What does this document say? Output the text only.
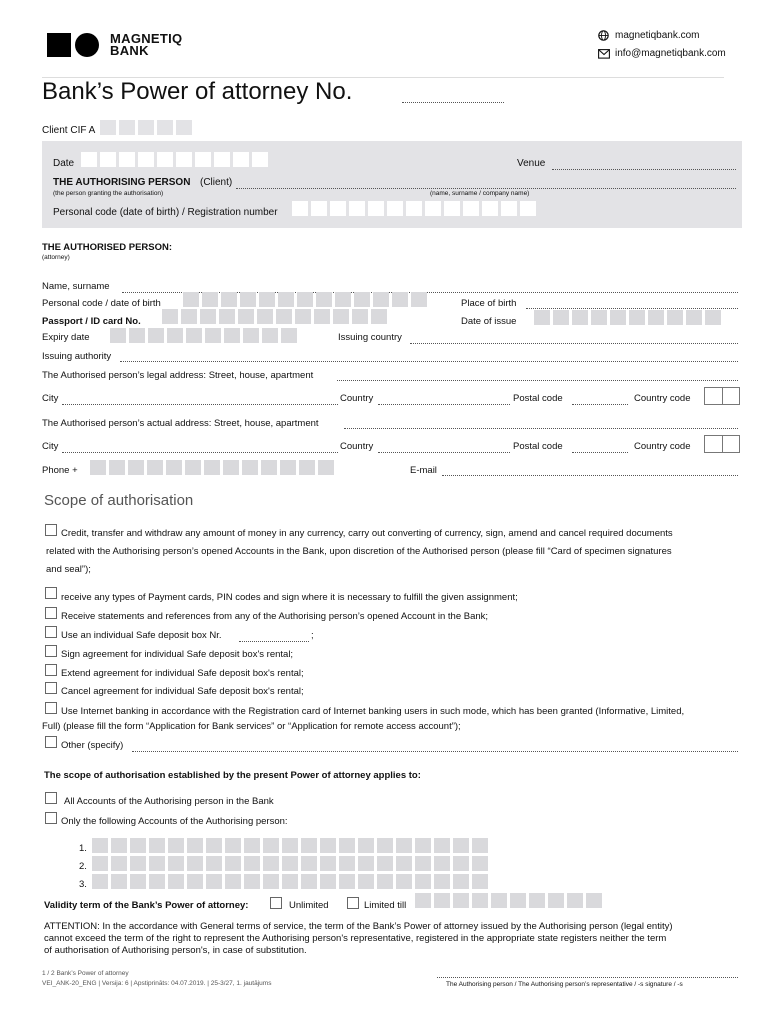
MAGNETIQ
BANK
magnetiqbank.com
info@magnetiqbank.com
Bank’s Power of attorney No.
Client CIF A
Date	Venue
THE AUTHORISING PERSON (Client)
(the person granting the authorisation)	(name, surname / company name)
Personal code (date of birth) / Registration number
THE AUTHORISED PERSON:
(attorney)
Name, surname
Personal code / date of birth	Place of birth
Passport / ID card No.	Date of issue
Expiry date	Issuing country
Issuing authority
The Authorised person’s legal address: Street, house, apartment
City	Country	Postal code	Country code
The Authorised person’s actual address: Street, house, apartment
City	Country	Postal code	Country code
Phone +	E-mail
Scope of authorisation
Credit, transfer and withdraw any amount of money in any currency, carry out converting of currency, sign, amend and cancel required documents
related with the Authorising person’s opened Accounts in the Bank, upon discretion of the Authorised person (please fill “Card of specimen signatures
and seal”);
receive any types of Payment cards, PIN codes and sign where it is necessary to fulfill the given assignment;
Receive statements and references from any of the Authorising person’s opened Account in the Bank;
Use an individual Safe deposit box Nr.	;
Sign agreement for individual Safe deposit box's rental;
Extend agreement for individual Safe deposit box's rental;
Cancel agreement for individual Safe deposit box's rental;
Use Internet banking in accordance with the Registration card of Internet banking users in such mode, which has been granted (Informative, Limited,
Full) (please fill the form “Application for Bank services” or “Application for remote access account”);
Other (specify)
The scope of authorisation established by the present Power of attorney applies to:
All Accounts of the Authorising person in the Bank
Only the following Accounts of the Authorising person:
1.
2.
3.
Validity term of the Bank’s Power of attorney:	Unlimited	Limited till
ATTENTION: In the accordance with General terms of service, the term of the Bank’s Power of attorney issued by the Authorising person (legal entity)
cannot exceed the term of the right to represent the Authorising person's representative, registered in the appropriate state registers neither the term
of authorisation of Authorising person's, in case of substitution.
1 / 2 Bank’s Power of attorney
VEI_ANK-20_ENG | Versija: 6 | Apstiprināts: 04.07.2019. | 25-3/27, 1. jautājums	The Authorising person / The Authorising person’s representative / -s signature / -s
